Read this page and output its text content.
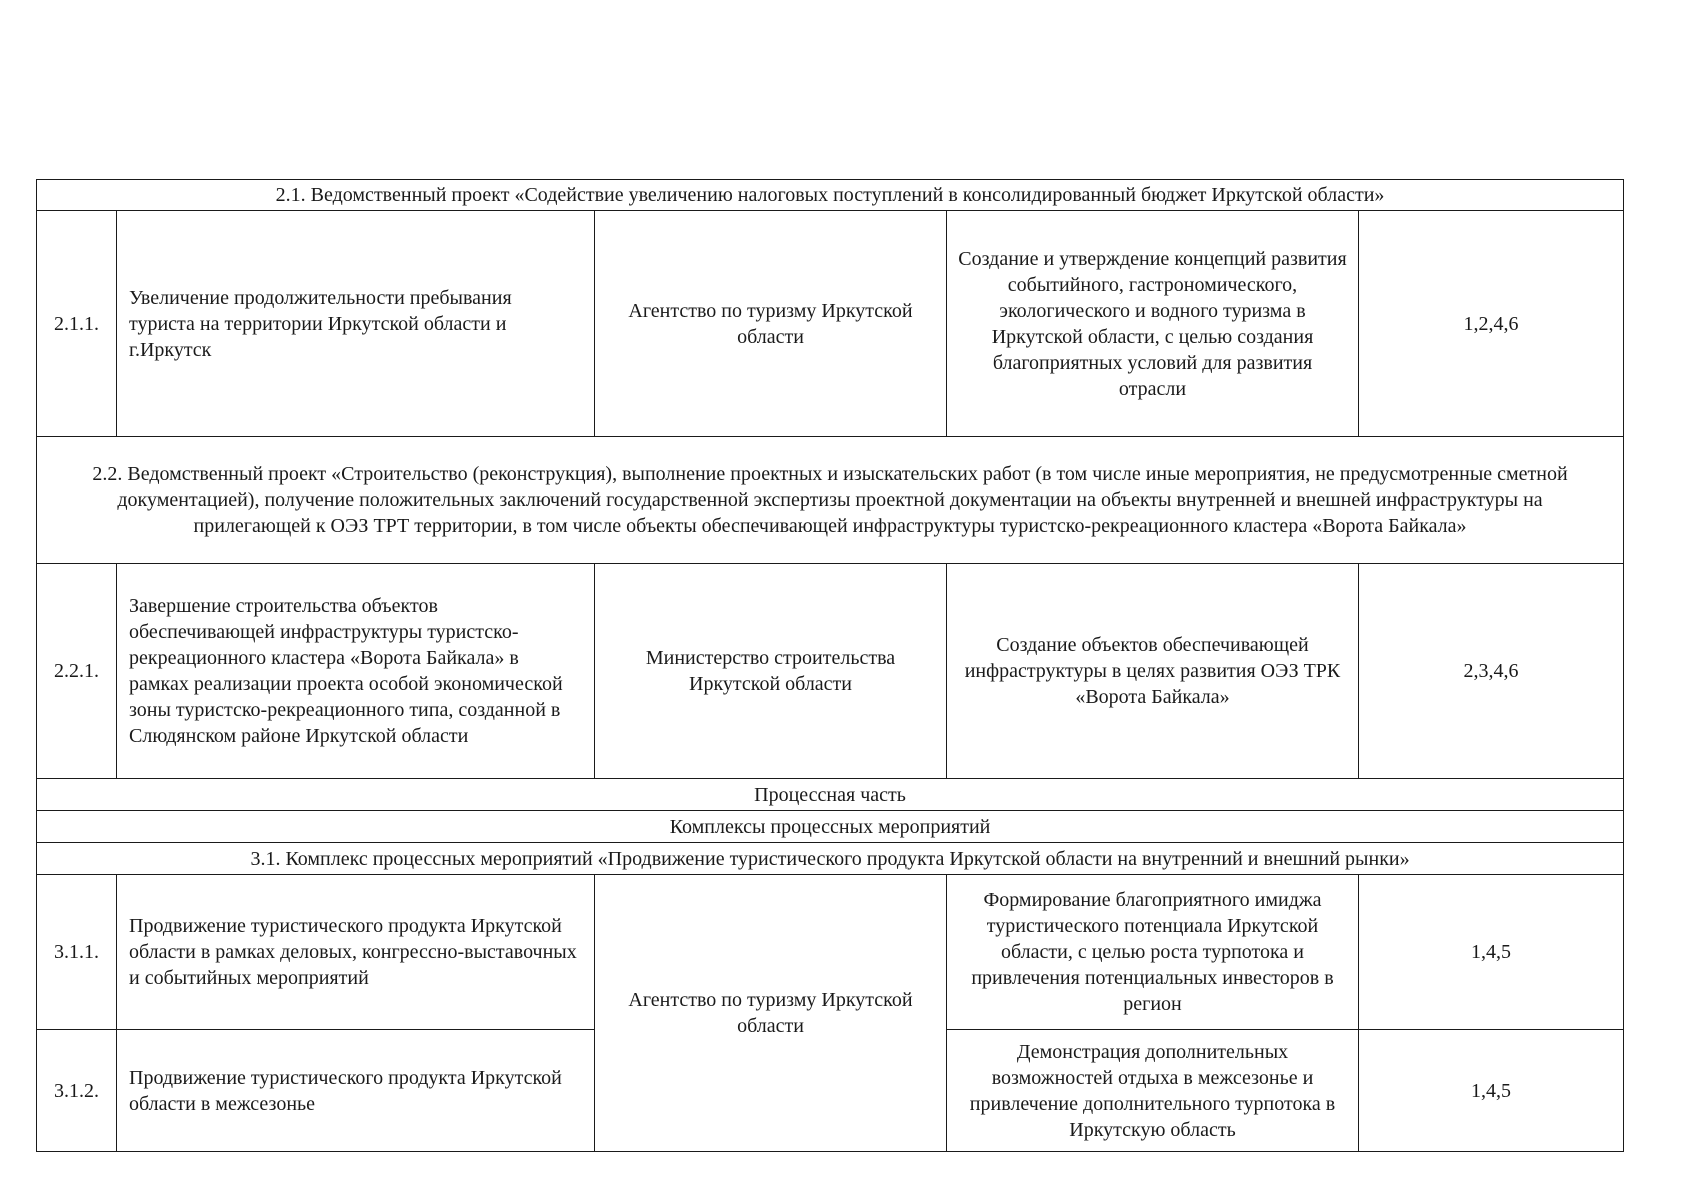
2.1. Ведомственный проект «Содействие увеличению налоговых поступлений в консолидированный бюджет Иркутской области»				
2.1.1.	Увеличение продолжительности пребывания туриста на территории Иркутской области и г.Иркутск	Агентство по туризму Иркутской области	Создание и утверждение концепций развития событийного, гастрономического, экологического и водного туризма в Иркутской области, с целью создания благоприятных условий для развития отрасли	1,2,4,6
2.2. Ведомственный проект «Строительство (реконструкция), выполнение проектных и изыскательских работ (в том числе иные мероприятия, не предусмотренные сметной документацией), получение положительных заключений государственной экспертизы проектной документации на объекты внутренней и внешней инфраструктуры на прилегающей к ОЭЗ ТРТ территории, в том числе объекты обеспечивающей инфраструктуры туристско-рекреационного кластера «Ворота Байкала»				
2.2.1.	Завершение строительства объектов обеспечивающей инфраструктуры туристско-рекреационного кластера «Ворота Байкала» в рамках реализации проекта особой экономической зоны туристско-рекреационного типа, созданной в Слюдянском районе Иркутской области	Министерство строительства Иркутской области	Создание объектов обеспечивающей инфраструктуры в целях развития ОЭЗ ТРК «Ворота Байкала»	2,3,4,6
Процессная часть				
Комплексы процессных мероприятий				
3.1. Комплекс процессных мероприятий «Продвижение туристического продукта Иркутской области на внутренний и внешний рынки»				
3.1.1.	Продвижение туристического продукта Иркутской области в рамках деловых, конгрессно-выставочных и событийных мероприятий	Агентство по туризму Иркутской области	Формирование благоприятного имиджа туристического потенциала Иркутской области, с целью роста турпотока и привлечения потенциальных инвесторов в регион	1,4,5
3.1.2.	Продвижение туристического продукта Иркутской области в межсезонье		Демонстрация дополнительных возможностей отдыха в межсезонье и привлечение дополнительного турпотока в Иркутскую область	1,4,5
